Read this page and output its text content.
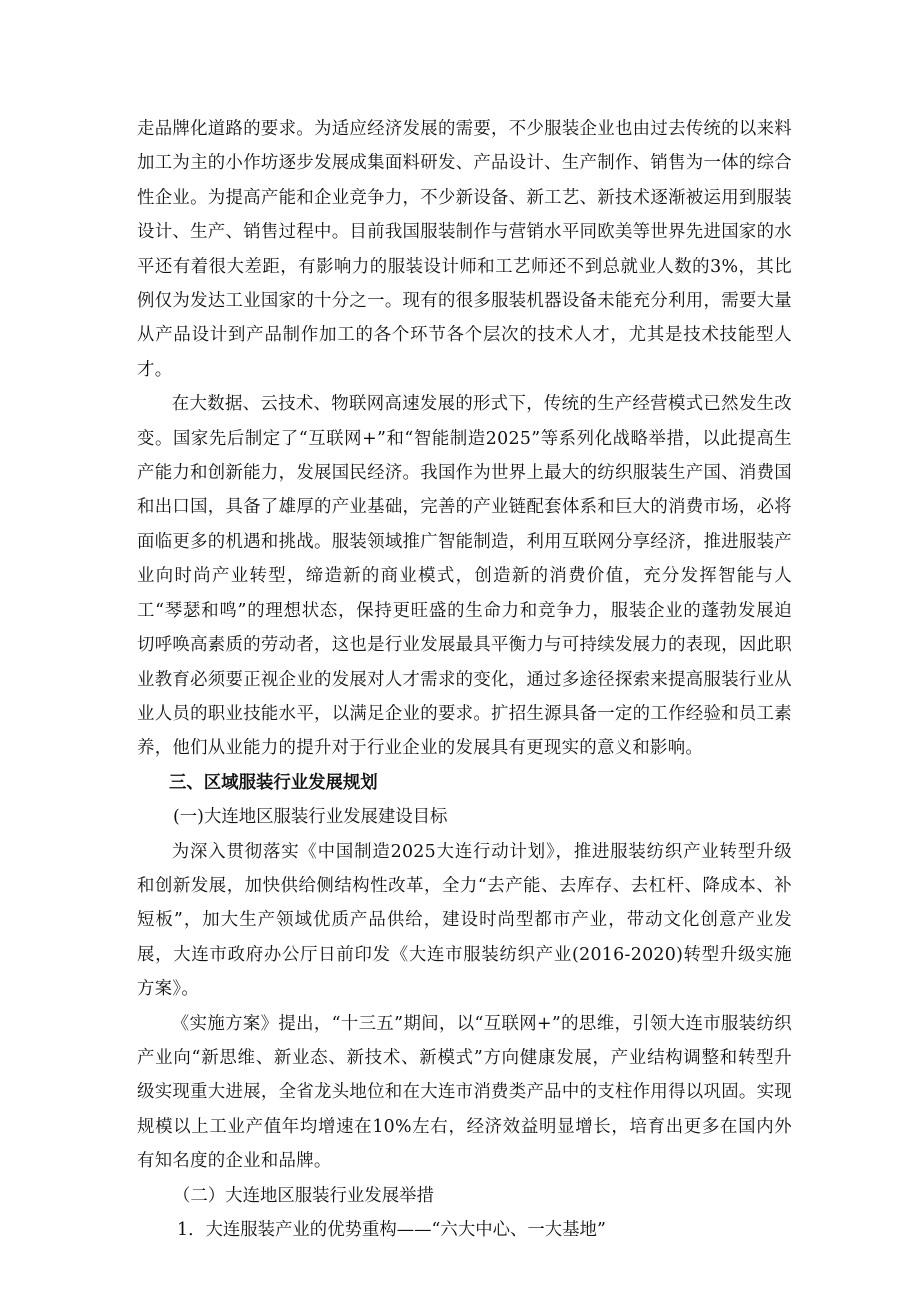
走品牌化道路的要求。为适应经济发展的需要，不少服装企业也由过去传统的以来料加工为主的小作坊逐步发展成集面料研发、产品设计、生产制作、销售为一体的综合性企业。为提高产能和企业竞争力，不少新设备、新工艺、新技术逐渐被运用到服装设计、生产、销售过程中。目前我国服装制作与营销水平同欧美等世界先进国家的水平还有着很大差距，有影响力的服装设计师和工艺师还不到总就业人数的3%，其比例仅为发达工业国家的十分之一。现有的很多服装机器设备未能充分利用，需要大量从产品设计到产品制作加工的各个环节各个层次的技术人才，尤其是技术技能型人才。

在大数据、云技术、物联网高速发展的形式下，传统的生产经营模式已然发生改变。国家先后制定了“互联网+”和“智能制造2025”等系列化战略举措，以此提高生产能力和创新能力，发展国民经济。我国作为世界上最大的纺织服装生产国、消费国和出口国，具备了雄厚的产业基础，完善的产业链配套体系和巨大的消费市场，必将面临更多的机遇和挑战。服装领域推广智能制造，利用互联网分享经济，推进服装产业向时尚产业转型，缔造新的商业模式，创造新的消费价值，充分发挥智能与人工“琴瑟和鸣”的理想状态，保持更旺盛的生命力和竞争力，服装企业的蓬勃发展迫切呼唤高素质的劳动者，这也是行业发展最具平衡力与可持续发展力的表现，因此职业教育必须要正视企业的发展对人才需求的变化，通过多途径探索来提高服装行业从业人员的职业技能水平，以满足企业的要求。扩招生源具备一定的工作经验和员工素养，他们从业能力的提升对于行业企业的发展具有更现实的意义和影响。

三、区域服装行业发展规划

(一)大连地区服装行业发展建设目标

为深入贯彻落实《中国制造2025大连行动计划》，推进服装纺织产业转型升级和创新发展，加快供给侧结构性改革，全力“去产能、去库存、去杠杆、降成本、补短板”，加大生产领域优质产品供给，建设时尚型都市产业，带动文化创意产业发展，大连市政府办公厅日前印发《大连市服装纺织产业(2016-2020)转型升级实施方案》。

《实施方案》提出，“十三五”期间，以“互联网+”的思维，引领大连市服装纺织产业向“新思维、新业态、新技术、新模式”方向健康发展，产业结构调整和转型升级实现重大进展，全省龙头地位和在大连市消费类产品中的支柱作用得以巩固。实现规模以上工业产值年均增速在10%左右，经济效益明显增长，培育出更多在国内外有知名度的企业和品牌。

（二）大连地区服装行业发展举措

1．大连服装产业的优势重构——“六大中心、一大基地”
